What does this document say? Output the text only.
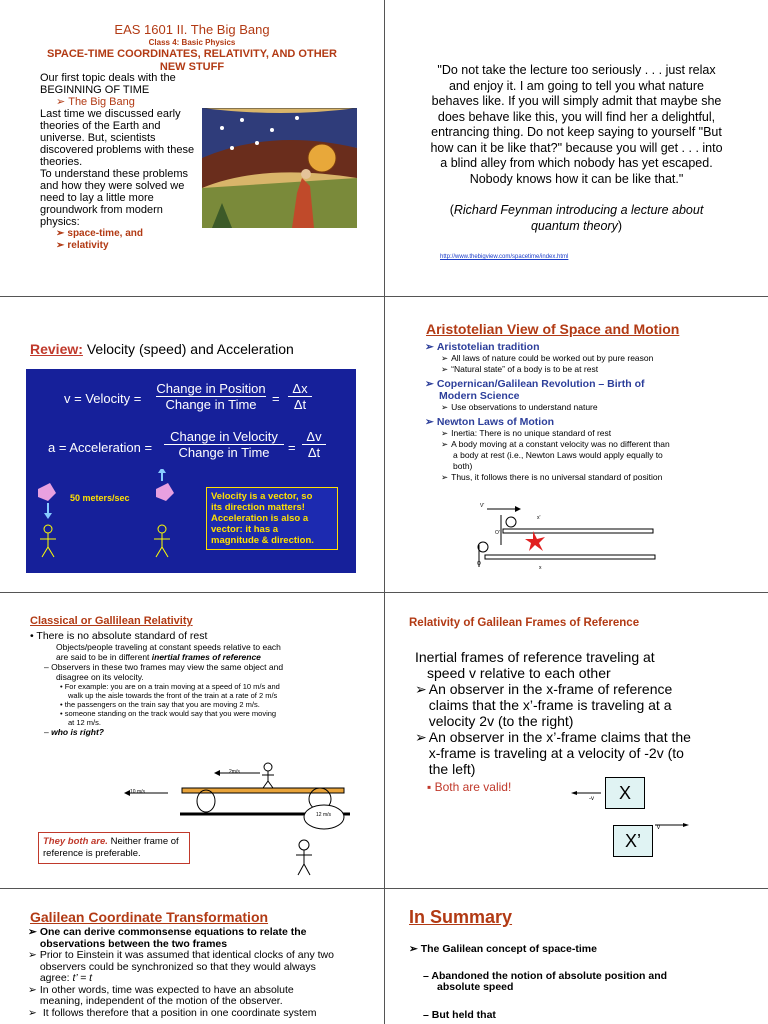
EAS 1601 II. The Big Bang
Class 4: Basic Physics
SPACE-TIME COORDINATES, RELATIVITY, AND OTHER
NEW STUFF
Our first topic deals with the
BEGINNING OF TIME
➢ The Big Bang
Last time we discussed early
theories of the Earth and
universe. But, scientists
discovered problems with these
theories.
To understand these problems
and how they were solved we
need to lay a little more
groundwork from modern
physics:
➢ space-time, and
➢ relativity
"Do not take the lecture too seriously . . . just relax
and enjoy it. I am going to tell you what nature
behaves like. If you will simply admit that maybe she
does behave like this, you will find her a delightful,
entrancing thing. Do not keep saying to yourself "But
how can it be like that?" because you will get . . . into
a blind alley from which nobody has yet escaped.
Nobody knows how it can be like that."
(Richard Feynman introducing a lecture about
quantum theory)
http://www.thebigview.com/spacetime/index.html
Review: Velocity (speed) and Acceleration
v = Velocity =
Change in Position
Change in Time	=
Δx
Δt
a = Acceleration =
Change in Velocity
Change in Time	=
Δv
Δt
50 meters/sec	Velocity is a vector, so
its direction matters!
Acceleration is also a
vector: it has a
magnitude & direction.
Aristotelian View of Space and Motion
➢ Aristotelian tradition
➢ All laws of nature could be worked out by pure reason
➢ “Natural state” of a body is to be at rest
➢ Copernican/Galilean Revolution – Birth of
Modern Science
➢ Use observations to understand nature
➢ Newton Laws of Motion
➢ Inertia: There is no unique standard of rest
➢ A body moving at a constant velocity was no different than
a body at rest (i.e., Newton Laws would apply equally to
both)
➢ Thus, it follows there is no universal standard of position
V'
x'
O'
x
O
Classical or Gallilean Relativity
• There is no absolute standard of rest
Objects/people traveling at constant speeds relative to each
are said to be in different inertial frames of reference
– Observers in these two frames may view the same object and
disagree on its velocity.
• For example: you are on a train moving at a speed of 10 m/s and
walk up the aisle towards the front of the train at a rate of 2 m/s
• the passengers on the train say that you are moving 2 m/s.
• someone standing on the track would say that you were moving
at 12 m/s.
– who is right?
2m/s
10 m/s
12 m/s
They both are. Neither frame of
reference is preferable.
Relativity of Galilean Frames of Reference
Inertial frames of reference traveling at
speed v relative to each other
➢ An observer in the x-frame of reference
claims that the x’-frame is traveling at a
velocity 2v (to the right)
➢ An observer in the x’-frame claims that the
x-frame is traveling at a velocity of -2v (to
the left)
▪ Both are valid!	X
X’
-v
v
Galilean Coordinate Transformation
➢ One can derive commonsense equations to relate the
observations between the two frames
➢ Prior to Einstein it was assumed that identical clocks of any two
observers could be synchronized so that they would always
agree: t’ = t
➢ In other words, time was expected to have an absolute
meaning, independent of the motion of the observer.
➢ It follows therefore that a position in one coordinate system
In Summary
➢ The Galilean concept of space-time
– Abandoned the notion of absolute position and
absolute speed
– But held that
